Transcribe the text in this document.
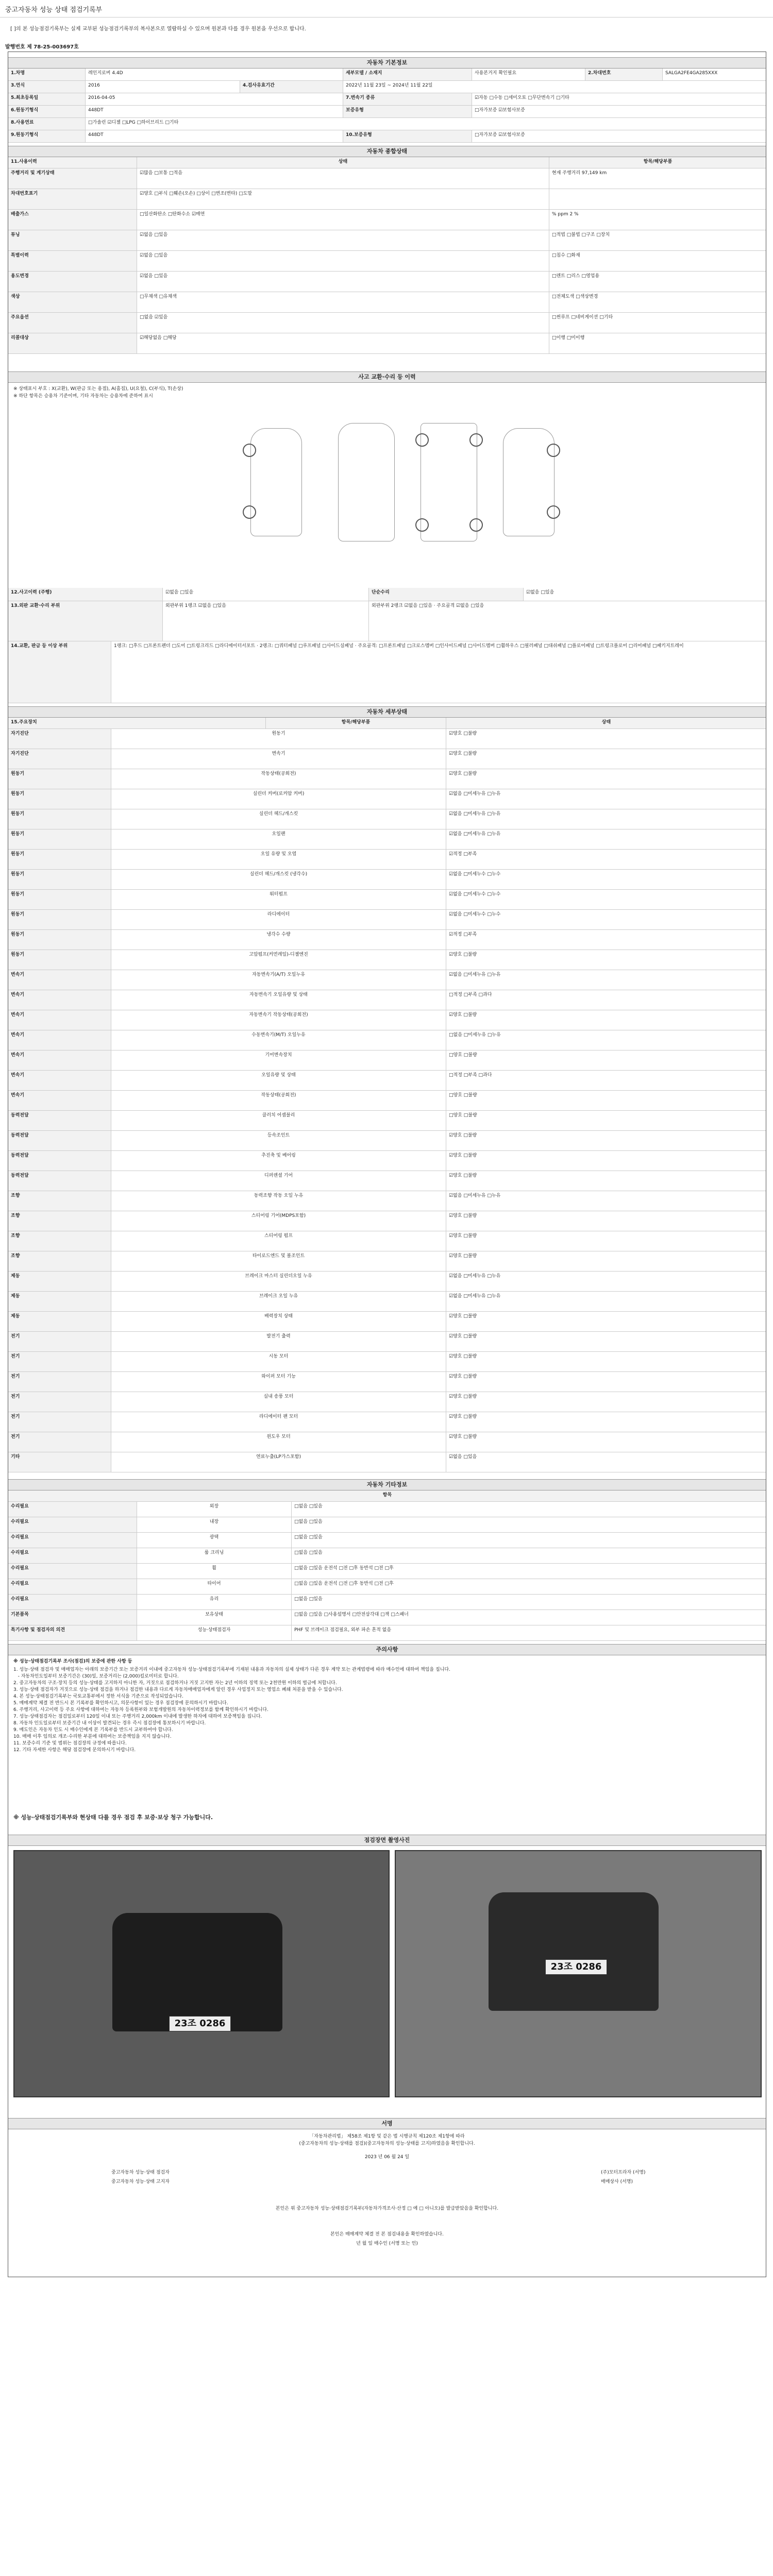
중고자동차 성능 상태 점검기록부
[ ]의 본 성능점검기록부는 실제 교부된 성능점검기록부의 복사본으로 열람하실 수 있으며 원본과 다를 경우 원본을 우선으로 합니다.
발행번호 제 78-25-003697호
자동차 기본정보
1.차명	레인지로버 4.4D	세부모델 / 소재지	사용본거지 확인필요	2.차대번호	SALGA2FE4GA285XXX
3.연식	2016	4.검사유효기간	2022년 11월 23일 ~ 2024년 11월 22일
5.최초등록일	2016-04-05	7.변속기 종류	☑자동 □수동 □세미오토 □무단변속기 □기타
6.원동기형식	448DT	보증유형	□자가보증 ☑보험사보증
8.사용연료	□가솔린 ☑디젤 □LPG □하이브리드 □기타
9.원동기형식	448DT	10.보증유형	□자가보증 ☑보험사보증
자동차 종합상태
11.사용이력	상태	항목/해당부품
주행거리 및 계기상태	☑많음 □보통 □적음	현재 주행거리 97,149 km
차대번호표기	☑양호 □부식 □훼손(오손) □상이 □변조(변타) □도말
배출가스	□일산화탄소 □탄화수소 ☑매연	% ppm 2 %
튜닝	☑없음 □있음	□적법 □불법 □구조 □장치
특별이력	☑없음 □있음	□침수 □화재
용도변경	☑없음 □있음	□렌트 □리스 □영업용
색상	□무채색 □유채색	□전체도색 □색상변경
주요옵션	□없음 ☑있음	□썬루프 □네비게이션 □기타
리콜대상	☑해당없음 □해당	□이행 □미이행
사고 교환·수리 등 이력
※ 상태표시 부호 : X(교환), W(판금 또는 용접), A(흠집), U(요철), C(부식), T(손상)
※ 하단 항목은 승용차 기준이며, 기타 자동차는 승용차에 준하여 표시
12.사고이력 (주행)	☑없음 □있음	단순수리	☑없음 □있음
13.외판 교환·수리 부위	외판부위 1랭크 ☑없음 □있음	외판부위 2랭크 ☑없음 □있음 · 주요골격 ☑없음 □있음
14.교환, 판금 등 이상 부위	1랭크: □후드 □프론트펜더 □도어 □트렁크리드 □라디에이터서포트 · 2랭크: □쿼터패널 □루프패널 □사이드실패널 · 주요골격: □프론트패널 □크로스멤버 □인사이드패널 □사이드멤버 □휠하우스 □필러패널 □대쉬패널 □플로어패널 □트렁크플로어 □리어패널 □패키지트레이
자동차 세부상태
15.주요장치	항목/해당부품	상태
자기진단	원동기	☑양호 □불량
자기진단	변속기	☑양호 □불량
원동기	작동상태(공회전)	☑양호 □불량
원동기	실린더 커버(로커암 커버)	☑없음 □미세누유 □누유
원동기	실린더 헤드/개스킷	☑없음 □미세누유 □누유
원동기	오일팬	☑없음 □미세누유 □누유
원동기	오일 유량 및 오염	☑적정 □부족
원동기	실린더 헤드/개스킷 (냉각수)	☑없음 □미세누수 □누수
원동기	워터펌프	☑없음 □미세누수 □누수
원동기	라디에이터	☑없음 □미세누수 □누수
원동기	냉각수 수량	☑적정 □부족
원동기	고압펌프(커먼레일)-디젤엔진	☑양호 □불량
변속기	자동변속기(A/T) 오일누유	☑없음 □미세누유 □누유
변속기	자동변속기 오일유량 및 상태	□적정 □부족 □과다
변속기	자동변속기 작동상태(공회전)	☑양호 □불량
변속기	수동변속기(M/T) 오일누유	□없음 □미세누유 □누유
변속기	기어변속장치	□양호 □불량
변속기	오일유량 및 상태	□적정 □부족 □과다
변속기	작동상태(공회전)	□양호 □불량
동력전달	클러치 어셈블리	□양호 □불량
동력전달	등속조인트	☑양호 □불량
동력전달	추진축 및 베어링	☑양호 □불량
동력전달	디퍼렌셜 기어	☑양호 □불량
조향	동력조향 작동 오일 누유	☑없음 □미세누유 □누유
조향	스티어링 기어(MDPS포함)	☑양호 □불량
조향	스티어링 펌프	☑양호 □불량
조향	타이로드엔드 및 볼조인트	☑양호 □불량
제동	브레이크 마스터 실린더오일 누유	☑없음 □미세누유 □누유
제동	브레이크 오일 누유	☑없음 □미세누유 □누유
제동	배력장치 상태	☑양호 □불량
전기	발전기 출력	☑양호 □불량
전기	시동 모터	☑양호 □불량
전기	와이퍼 모터 기능	☑양호 □불량
전기	실내 송풍 모터	☑양호 □불량
전기	라디에이터 팬 모터	☑양호 □불량
전기	윈도우 모터	☑양호 □불량
기타	연료누출(LP가스포함)	☑없음 □있음
자동차 기타정보
항목
수리필요	외장	□없음 □있음
수리필요	내장	□없음 □있음
수리필요	광택	□없음 □있음
수리필요	룸 크리닝	□없음 □있음
수리필요	휠	□없음 □있음 운전석 □전 □후 동반석 □전 □후
수리필요	타이어	□없음 □있음 운전석 □전 □후 동반석 □전 □후
수리필요	유리	□없음 □있음
기본품목	보유상태	□없음 □있음 □사용설명서 □안전삼각대 □잭 □스패너
특기사항 및 점검자의 의견	성능·상태점검자	PHF 및 브레이크 점검필요, 외부 파손 흔적 없음
주의사항
※ 성능·상태점검기록부 조사(점검)의 보증에 관한 사항 등
1. 성능·상태 점검자 및 매매업자는 아래의 보증기간 또는 보증거리 이내에 중고자동차 성능·상태점검기록부에 기재된 내용과 자동차의 실제 상태가 다른 경우 계약 또는 관계법령에 따라 매수인에 대하여 책임을 집니다.
- 자동차인도일부터 보증기간은 (30)일, 보증거리는 (2,000)킬로미터로 합니다.
2. 중고자동차의 구조·장치 등의 성능·상태를 고지하지 아니한 자, 거짓으로 점검하거나 거짓 고지한 자는 2년 이하의 징역 또는 2천만원 이하의 벌금에 처합니다.
3. 성능·상태 점검자가 거짓으로 성능·상태 점검을 하거나 점검한 내용과 다르게 자동차매매업자에게 알린 경우 사업정지 또는 영업소 폐쇄 처분을 받을 수 있습니다.
4. 본 성능·상태점검기록부는 국토교통부에서 정한 서식을 기준으로 작성되었습니다.
5. 매매계약 체결 전 반드시 본 기록부를 확인하시고, 의문사항이 있는 경우 점검장에 문의하시기 바랍니다.
6. 주행거리, 사고이력 등 주요 사항에 대하여는 자동차 등록원부와 보험개발원의 자동차이력정보를 함께 확인하시기 바랍니다.
7. 성능·상태점검자는 점검일로부터 120일 이내 또는 주행거리 2,000km 이내에 발생한 하자에 대하여 보증책임을 집니다.
8. 자동차 인도일로부터 보증기간 내 이상이 발견되는 경우 즉시 점검장에 통보하시기 바랍니다.
9. 매도인은 자동차 인도 시 매수인에게 본 기록부를 반드시 교부하여야 합니다.
10. 매매 이후 임의로 개조·수리한 부분에 대하여는 보증책임을 지지 않습니다.
11. 보증수리 기준 및 범위는 점검장의 규정에 따릅니다.
12. 기타 자세한 사항은 해당 점검장에 문의하시기 바랍니다.
※ 성능·상태점검기록부와 현상태 다를 경우 점검 후 보증·보상 청구 가능합니다.
점검장면 촬영사진
23조 0286
23조 0286
서명
「자동차관리법」 제58조 제1항 및 같은 법 시행규칙 제120조 제1항에 따라
(중고자동차의 성능·상태를 점검)(중고자동차의 성능·상태를 고지)하였음을 확인합니다.
2023 년 06 월 24 일
중고자동차 성능·상태 점검자	(주)모터프라자 (서명)
중고자동차 성능·상태 고지자	매매상사 (서명)
본인은 위 중고자동차 성능·상태점검기록부(자동차가격조사·산정 □ 예 □ 아니오)를 발급받았음을 확인합니다.
본인은 매매계약 체결 전 본 점검내용을 확인하였습니다.
년 월 일 매수인 (서명 또는 인)
